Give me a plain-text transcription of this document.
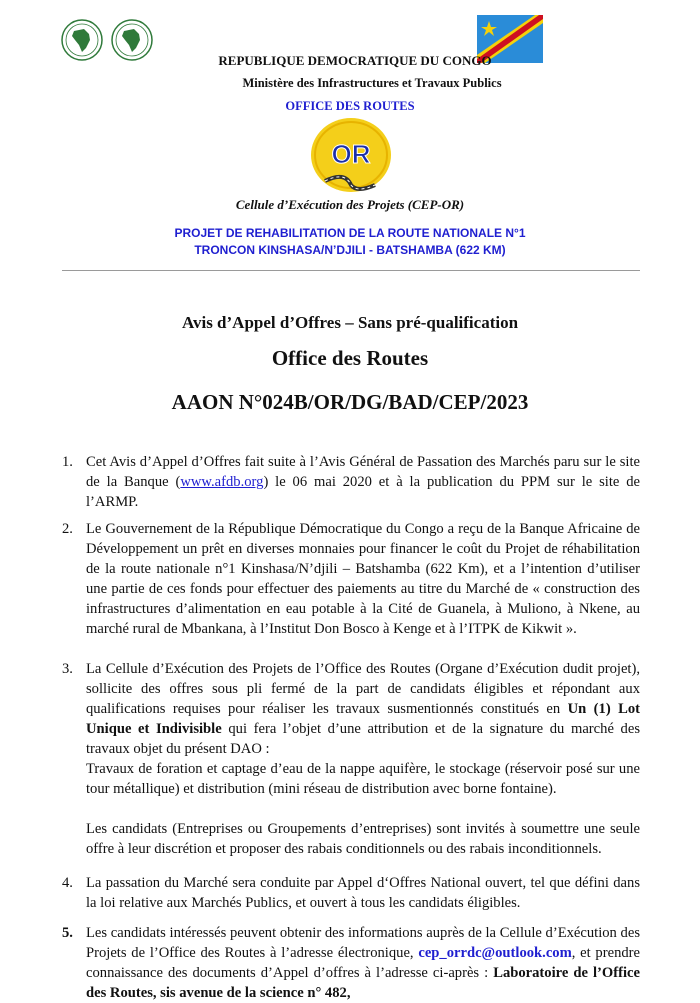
REPUBLIQUE DEMOCRATIQUE DU CONGO
Ministère des Infrastructures et Travaux Publics
OFFICE DES ROUTES
OR
Cellule d’Exécution des Projets (CEP-OR)
PROJET DE REHABILITATION DE LA ROUTE NATIONALE N°1
TRONCON KINSHASA/N’DJILI - BATSHAMBA (622 KM)
Avis d’Appel d’Offres – Sans pré-qualification
Office des Routes
AAON N°024B/OR/DG/BAD/CEP/2023
1. Cet Avis d’Appel d’Offres fait suite à l’Avis Général de Passation des Marchés paru sur le site de la Banque (www.afdb.org) le 06 mai 2020 et à la publication du PPM sur le site de l’ARMP.
2. Le Gouvernement de la République Démocratique du Congo a reçu de la Banque Africaine de Développement un prêt en diverses monnaies pour financer le coût du Projet de réhabilitation de la route nationale n°1 Kinshasa/N’djili – Batshamba (622 Km), et a l’intention d’utiliser une partie de ces fonds pour effectuer des paiements au titre du Marché de « construction des infrastructures d’alimentation en eau potable à la Cité de Guanela, à Muliono, à Nkene, au marché rural de Mbankana, à l’Institut Don Bosco à Kenge et à l’ITPK de Kikwit ».
3. La Cellule d’Exécution des Projets de l’Office des Routes (Organe d’Exécution dudit projet), sollicite des offres sous pli fermé de la part de candidats éligibles et répondant aux qualifications requises pour réaliser les travaux susmentionnés constitués en Un (1) Lot Unique et Indivisible qui fera l’objet d’une attribution et de la signature du marché des travaux objet du présent DAO :
Travaux de foration et captage d’eau de la nappe aquifère, le stockage (réservoir posé sur une tour métallique) et distribution (mini réseau de distribution avec borne fontaine).
Les candidats (Entreprises ou Groupements d’entreprises) sont invités à soumettre une seule offre à leur discrétion et proposer des rabais conditionnels ou des rabais inconditionnels.
4. La passation du Marché sera conduite par Appel d‘Offres National ouvert, tel que défini dans la loi relative aux Marchés Publics, et ouvert à tous les candidats éligibles.
5. Les candidats intéressés peuvent obtenir des informations auprès de la Cellule d’Exécution des Projets de l’Office des Routes à l’adresse électronique, cep_orrdc@outlook.com, et prendre connaissance des documents d’Appel d’offres à l’adresse ci-après : Laboratoire de l’Office des Routes, sis avenue de la science n° 482,
